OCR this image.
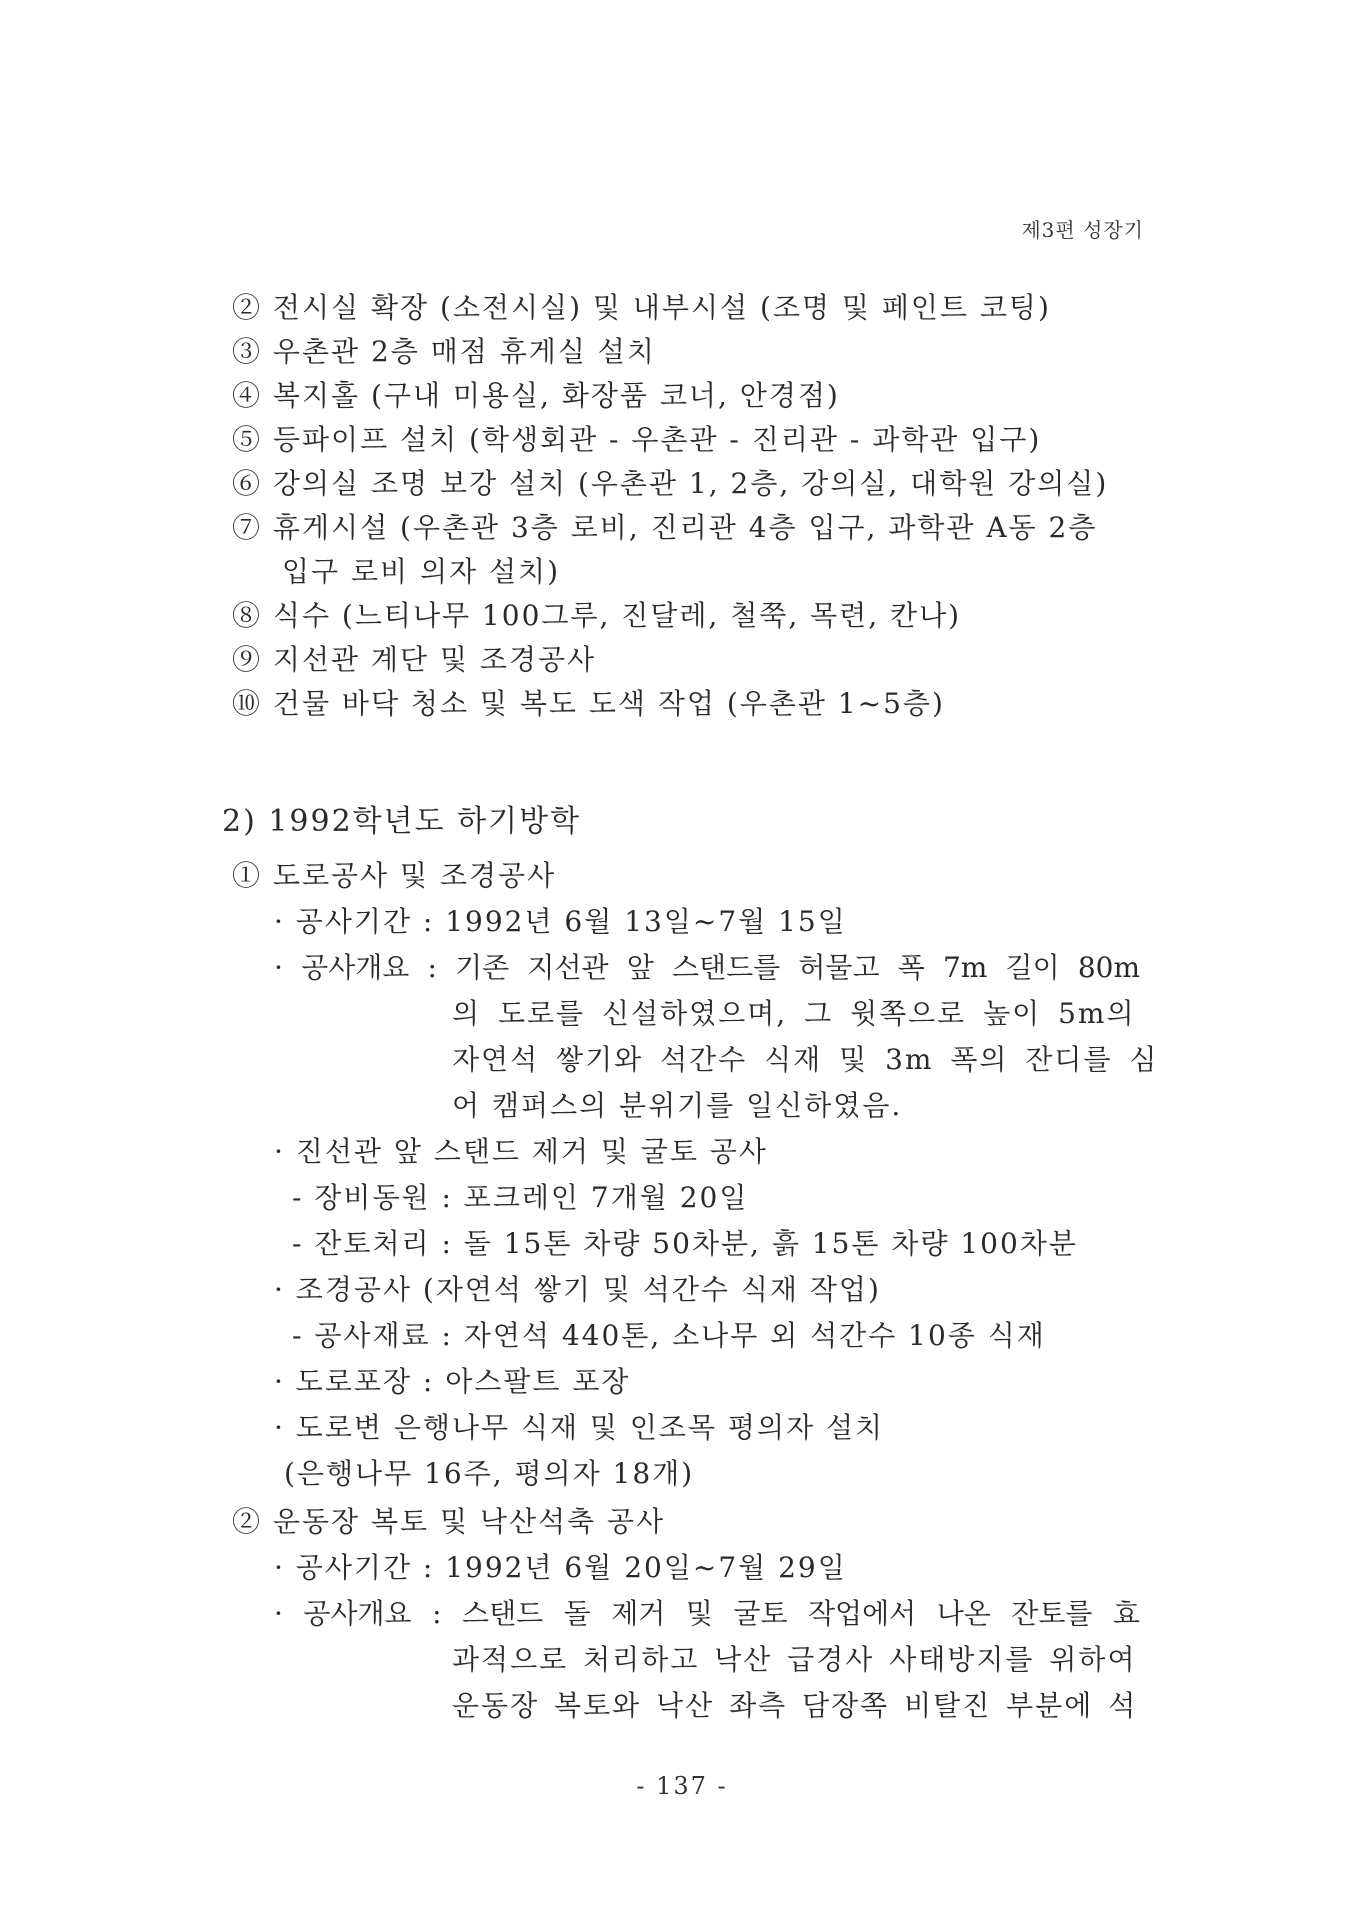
제3편 성장기
② 전시실 확장 (소전시실) 및 내부시설 (조명 및 페인트 코팅)
③ 우촌관 2층 매점 휴게실 설치
④ 복지홀 (구내 미용실, 화장품 코너, 안경점)
⑤ 등파이프 설치 (학생회관 - 우촌관 - 진리관 - 과학관 입구)
⑥ 강의실 조명 보강 설치 (우촌관 1, 2층, 강의실, 대학원 강의실)
⑦ 휴게시설 (우촌관 3층 로비, 진리관 4층 입구, 과학관 A동 2층
입구 로비 의자 설치)
⑧ 식수 (느티나무 100그루, 진달레, 철쭉, 목련, 칸나)
⑨ 지선관 계단 및 조경공사
⑩ 건물 바닥 청소 및 복도 도색 작업 (우촌관 1~5층)
2) 1992학년도 하기방학
① 도로공사 및 조경공사
· 공사기간 : 1992년 6월 13일~7월 15일
· 공사개요 : 기존 지선관 앞 스탠드를 허물고 폭 7m 길이 80m
의 도로를 신설하였으며, 그 윗쪽으로 높이 5m의
자연석 쌓기와 석간수 식재 및 3m 폭의 잔디를 심
어 캠퍼스의 분위기를 일신하였음.
· 진선관 앞 스탠드 제거 및 굴토 공사
- 장비동원 : 포크레인 7개월 20일
- 잔토처리 : 돌 15톤 차량 50차분, 흙 15톤 차량 100차분
· 조경공사 (자연석 쌓기 및 석간수 식재 작업)
- 공사재료 : 자연석 440톤, 소나무 외 석간수 10종 식재
· 도로포장 : 아스팔트 포장
· 도로변 은행나무 식재 및 인조목 평의자 설치
(은행나무 16주, 평의자 18개)
② 운동장 복토 및 낙산석축 공사
· 공사기간 : 1992년 6월 20일~7월 29일
· 공사개요 : 스탠드 돌 제거 및 굴토 작업에서 나온 잔토를 효
과적으로 처리하고 낙산 급경사 사태방지를 위하여
운동장 복토와 낙산 좌측 담장쪽 비탈진 부분에 석
- 137 -
